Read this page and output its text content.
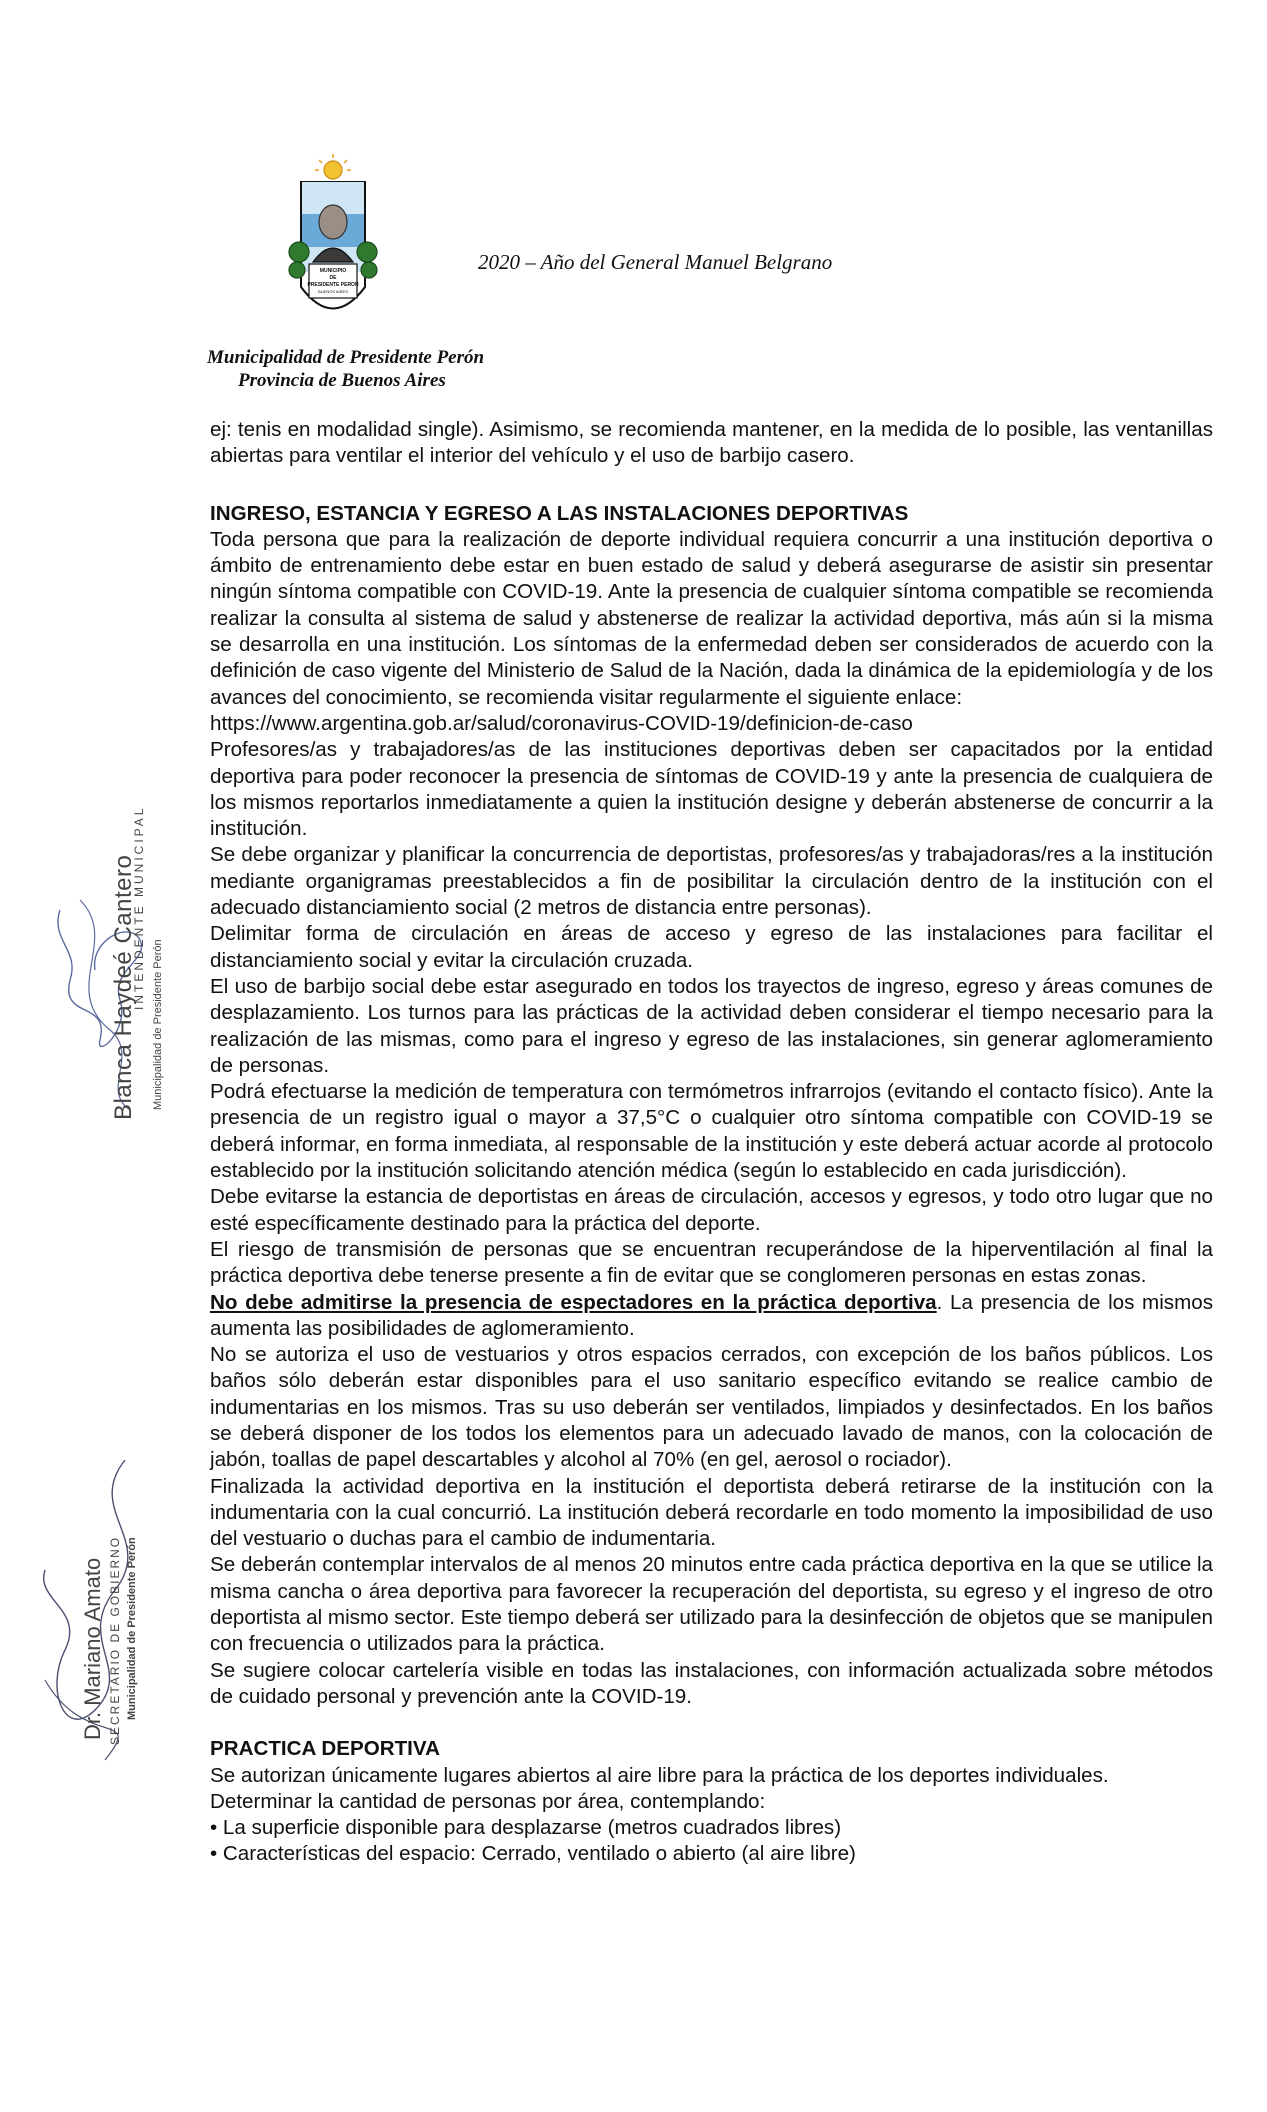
MUNICIPIO
DE
PRESIDENTE PERON
BUENOS AIRES
2020 – Año del General Manuel Belgrano
Municipalidad de Presidente Perón
Provincia de Buenos Aires

ej: tenis en modalidad single). Asimismo, se recomienda mantener, en la medida de lo posible, las ventanillas abiertas para ventilar el interior del vehículo y el uso de barbijo casero.

INGRESO, ESTANCIA Y EGRESO A LAS INSTALACIONES DEPORTIVAS

Toda persona que para la realización de deporte individual requiera concurrir a una institución deportiva o ámbito de entrenamiento debe estar en buen estado de salud y deberá asegurarse de asistir sin presentar ningún síntoma compatible con COVID-19. Ante la presencia de cualquier síntoma compatible se recomienda realizar la consulta al sistema de salud y abstenerse de realizar la actividad deportiva, más aún si la misma se desarrolla en una institución. Los síntomas de la enfermedad deben ser considerados de acuerdo con la definición de caso vigente del Ministerio de Salud de la Nación, dada la dinámica de la epidemiología y de los avances del conocimiento, se recomienda visitar regularmente el siguiente enlace:

https://www.argentina.gob.ar/salud/coronavirus-COVID-19/definicion-de-caso

Profesores/as y trabajadores/as de las instituciones deportivas deben ser capacitados por la entidad deportiva para poder reconocer la presencia de síntomas de COVID-19 y ante la presencia de cualquiera de los mismos reportarlos inmediatamente a quien la institución designe y deberán abstenerse de concurrir a la institución.

Se debe organizar y planificar la concurrencia de deportistas, profesores/as y trabajadoras/res a la institución mediante organigramas preestablecidos a fin de posibilitar la circulación dentro de la institución con el adecuado distanciamiento social (2 metros de distancia entre personas).

Delimitar forma de circulación en áreas de acceso y egreso de las instalaciones para facilitar el distanciamiento social y evitar la circulación cruzada.

El uso de barbijo social debe estar asegurado en todos los trayectos de ingreso, egreso y áreas comunes de desplazamiento. Los turnos para las prácticas de la actividad deben considerar el tiempo necesario para la realización de las mismas, como para el ingreso y egreso de las instalaciones, sin generar aglomeramiento de personas.

Podrá efectuarse la medición de temperatura con termómetros infrarrojos (evitando el contacto físico). Ante la presencia de un registro igual o mayor a 37,5°C o cualquier otro síntoma compatible con COVID-19 se deberá informar, en forma inmediata, al responsable de la institución y este deberá actuar acorde al protocolo establecido por la institución solicitando atención médica (según lo establecido en cada jurisdicción).

Debe evitarse la estancia de deportistas en áreas de circulación, accesos y egresos, y todo otro lugar que no esté específicamente destinado para la práctica del deporte.

El riesgo de transmisión de personas que se encuentran recuperándose de la hiperventilación al final la práctica deportiva debe tenerse presente a fin de evitar que se conglomeren personas en estas zonas.

No debe admitirse la presencia de espectadores en la práctica deportiva. La presencia de los mismos aumenta las posibilidades de aglomeramiento.

No se autoriza el uso de vestuarios y otros espacios cerrados, con excepción de los baños públicos. Los baños sólo deberán estar disponibles para el uso sanitario específico evitando se realice cambio de indumentarias en los mismos. Tras su uso deberán ser ventilados, limpiados y desinfectados. En los baños se deberá disponer de los todos los elementos para un adecuado lavado de manos, con la colocación de jabón, toallas de papel descartables y alcohol al 70% (en gel, aerosol o rociador).

Finalizada la actividad deportiva en la institución el deportista deberá retirarse de la institución con la indumentaria con la cual concurrió. La institución deberá recordarle en todo momento la imposibilidad de uso del vestuario o duchas para el cambio de indumentaria.

Se deberán contemplar intervalos de al menos 20 minutos entre cada práctica deportiva en la que se utilice la misma cancha o área deportiva para favorecer la recuperación del deportista, su egreso y el ingreso de otro deportista al mismo sector. Este tiempo deberá ser utilizado para la desinfección de objetos que se manipulen con frecuencia o utilizados para la práctica.

Se sugiere colocar cartelería visible en todas las instalaciones, con información actualizada sobre métodos de cuidado personal y prevención ante la COVID-19.

PRACTICA DEPORTIVA

Se autorizan únicamente lugares abiertos al aire libre para la práctica de los deportes individuales.

Determinar la cantidad de personas por área, contemplando:

• La superficie disponible para desplazarse (metros cuadrados libres)

• Características del espacio: Cerrado, ventilado o abierto (al aire libre)

Blanca Haydeé Cantero
INTENDENTE MUNICIPAL
Municipalidad de Presidente Perón
Dr. Mariano Amato SECRETARIO DE GOBIERNO Municipalidad de Presidente Perón
